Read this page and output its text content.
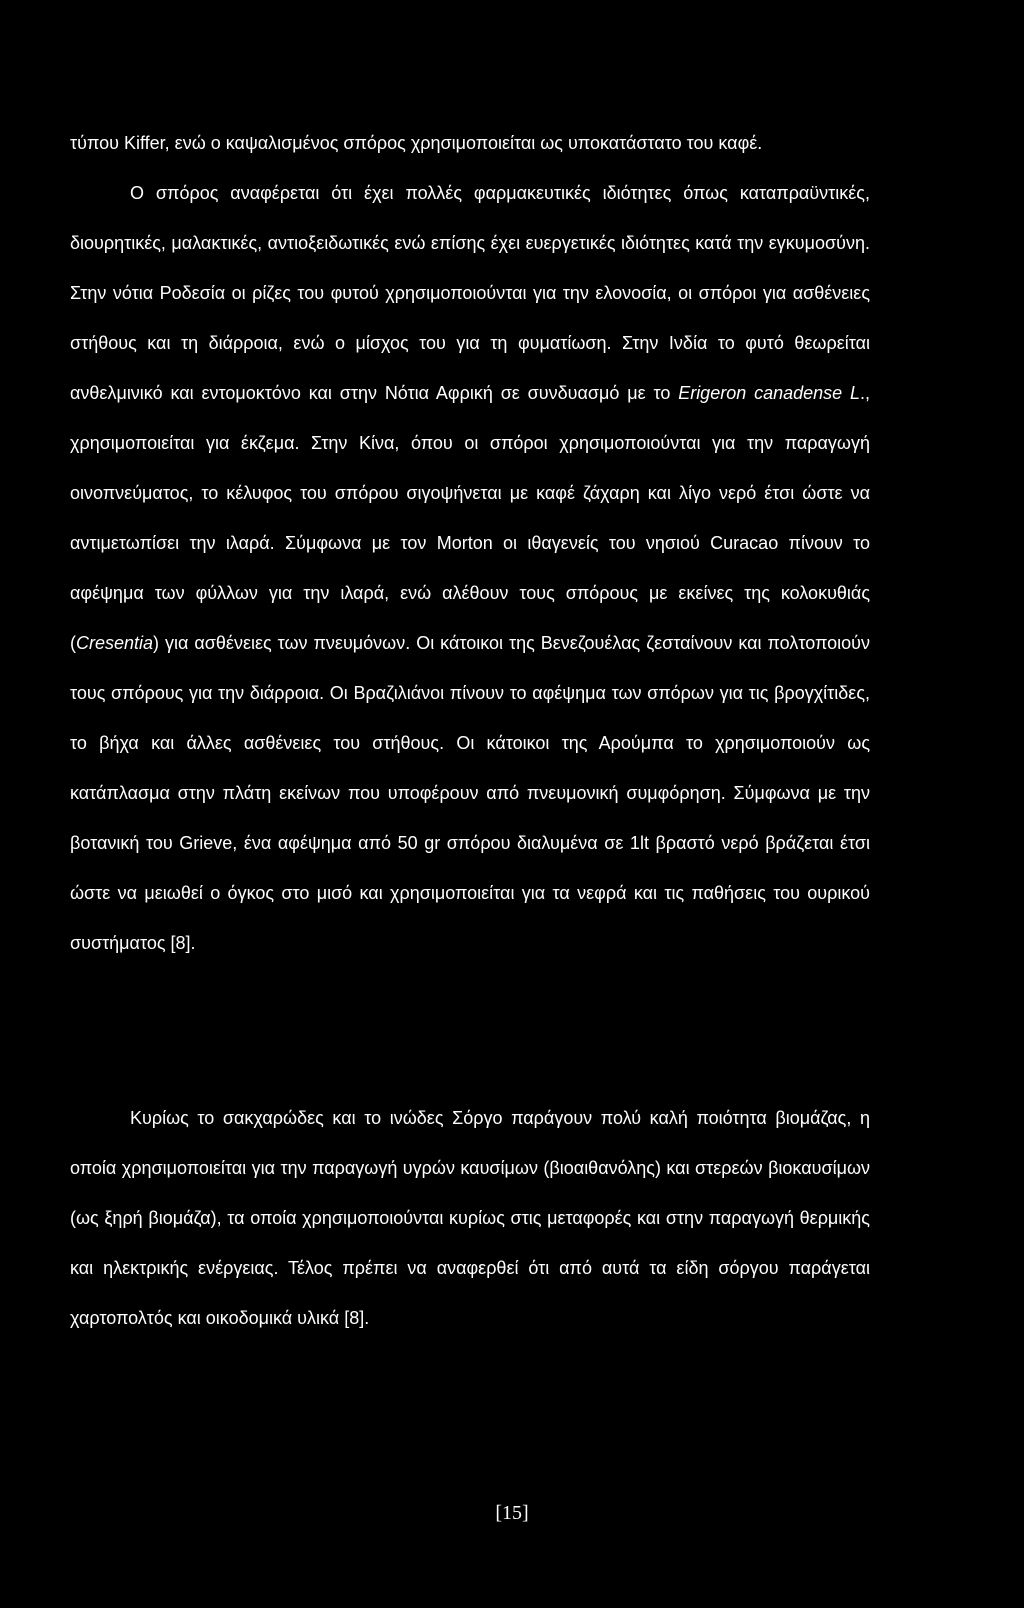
τύπου Kiffer, ενώ ο καψαλισμένος σπόρος χρησιμοποιείται ως υποκατάστατο του καφέ.

Ο σπόρος αναφέρεται ότι έχει πολλές φαρμακευτικές ιδιότητες όπως καταπραϋντικές, διουρητικές, μαλακτικές, αντιοξειδωτικές ενώ επίσης έχει ευεργετικές ιδιότητες κατά την εγκυμοσύνη. Στην νότια Ροδεσία οι ρίζες του φυτού χρησιμοποιούνται για την ελονοσία, οι σπόροι για ασθένειες στήθους και τη διάρροια, ενώ ο μίσχος του για τη φυματίωση. Στην Ινδία το φυτό θεωρείται ανθελμινικό και εντομοκτόνο και στην Νότια Αφρική σε συνδυασμό με το Erigeron canadense L., χρησιμοποιείται για έκζεμα. Στην Κίνα, όπου οι σπόροι χρησιμοποιούνται για την παραγωγή οινοπνεύματος, το κέλυφος του σπόρου σιγοψήνεται με καφέ ζάχαρη και λίγο νερό έτσι ώστε να αντιμετωπίσει την ιλαρά. Σύμφωνα με τον Morton οι ιθαγενείς του νησιού Curacao πίνουν το αφέψημα των φύλλων για την ιλαρά, ενώ αλέθουν τους σπόρους με εκείνες της κολοκυθιάς (Cresentia) για ασθένειες των πνευμόνων. Οι κάτοικοι της Βενεζουέλας ζεσταίνουν και πολτοποιούν τους σπόρους για την διάρροια. Οι Βραζιλιάνοι πίνουν το αφέψημα των σπόρων για τις βρογχίτιδες, το βήχα και άλλες ασθένειες του στήθους. Οι κάτοικοι της Αρούμπα το χρησιμοποιούν ως κατάπλασμα στην πλάτη εκείνων που υποφέρουν από πνευμονική συμφόρηση. Σύμφωνα με την βοτανική του Grieve, ένα αφέψημα από 50 gr σπόρου διαλυμένα σε 1lt βραστό νερό βράζεται έτσι ώστε να μειωθεί ο όγκος στο μισό και χρησιμοποιείται για τα νεφρά και τις παθήσεις του ουρικού συστήματος [8].

Κυρίως το σακχαρώδες και το ινώδες Σόργο παράγουν πολύ καλή ποιότητα βιομάζας, η οποία χρησιμοποιείται για την παραγωγή υγρών καυσίμων (βιοαιθανόλης) και στερεών βιοκαυσίμων (ως ξηρή βιομάζα), τα οποία χρησιμοποιούνται κυρίως στις μεταφορές και στην παραγωγή θερμικής και ηλεκτρικής ενέργειας. Τέλος πρέπει να αναφερθεί ότι από αυτά τα είδη σόργου παράγεται χαρτοπολτός και οικοδομικά υλικά [8].

[15]
